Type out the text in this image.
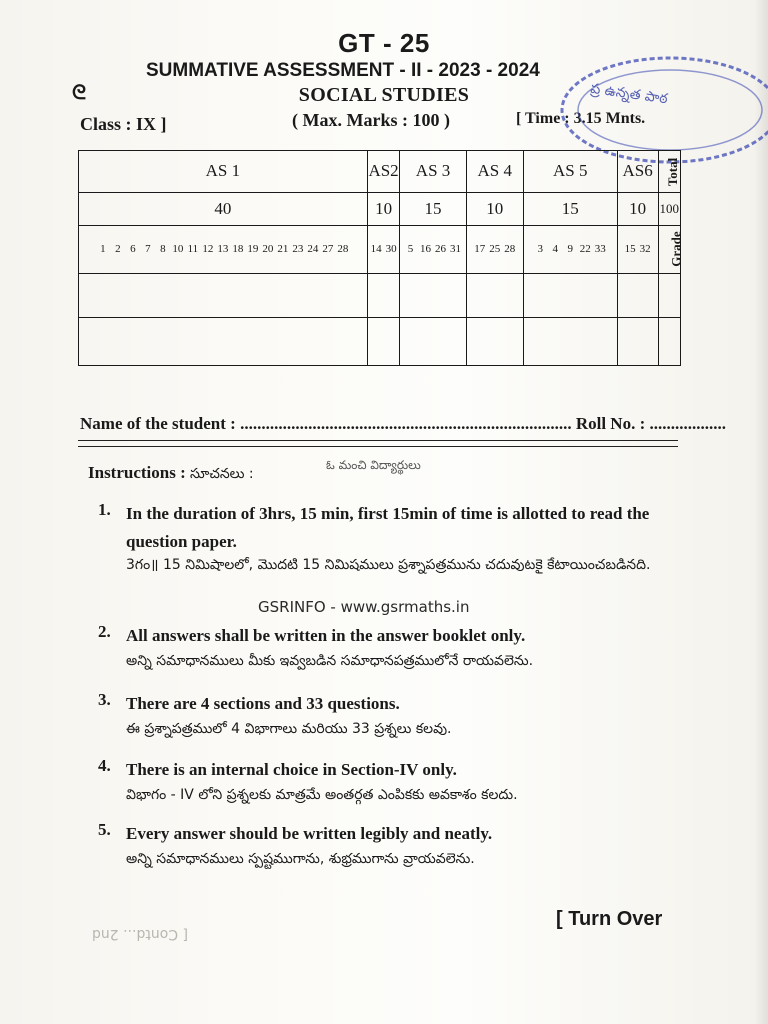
GT - 25
ᘓ
SUMMATIVE ASSESSMENT - II - 2023 - 2024
SOCIAL STUDIES
Class : IX ]	( Max. Marks : 100 )	[ Time : 3.15 Mnts.
ప్ర ఉన్నత పాఠ
AS 1	AS2	AS 3	AS 4	AS 5	AS6	Total
40	10	15	10	15	10	100
1 2 6 7 8 10 11 12 13 18 19 20 21 23 24 27 28	14 30	5 16 26 31	17 25 28	3 4 9 22 33	15 32	Grade

Name of the student : .............................................................................. Roll No. : ..................
Instructions : సూచనలు :
ఓ మంచి విద్యార్థులు
1. In the duration of 3hrs, 15 min, first 15min of time is allotted to read the question paper.
3గం॥ 15 నిమిషాలలో, మొదటి 15 నిమిషములు ప్రశ్నాపత్రమును చదువుటకై కేటాయించబడినది.
GSRINFO - www.gsrmaths.in
2. All answers shall be written in the answer booklet only.
అన్ని సమాధానములు మీకు ఇవ్వబడిన సమాధానపత్రములోనే రాయవలెను.
3. There are 4 sections and 33 questions.
ఈ ప్రశ్నాపత్రములో 4 విభాగాలు మరియు 33 ప్రశ్నలు కలవు.
4. There is an internal choice in Section-IV only.
విభాగం - IV లోని ప్రశ్నలకు మాత్రమే అంతర్గత ఎంపికకు అవకాశం కలదు.
5. Every answer should be written legibly and neatly.
అన్ని సమాధానములు స్పష్టముగాను, శుభ్రముగాను వ్రాయవలెను.
[ Turn Over
[ Contd... 2nd
